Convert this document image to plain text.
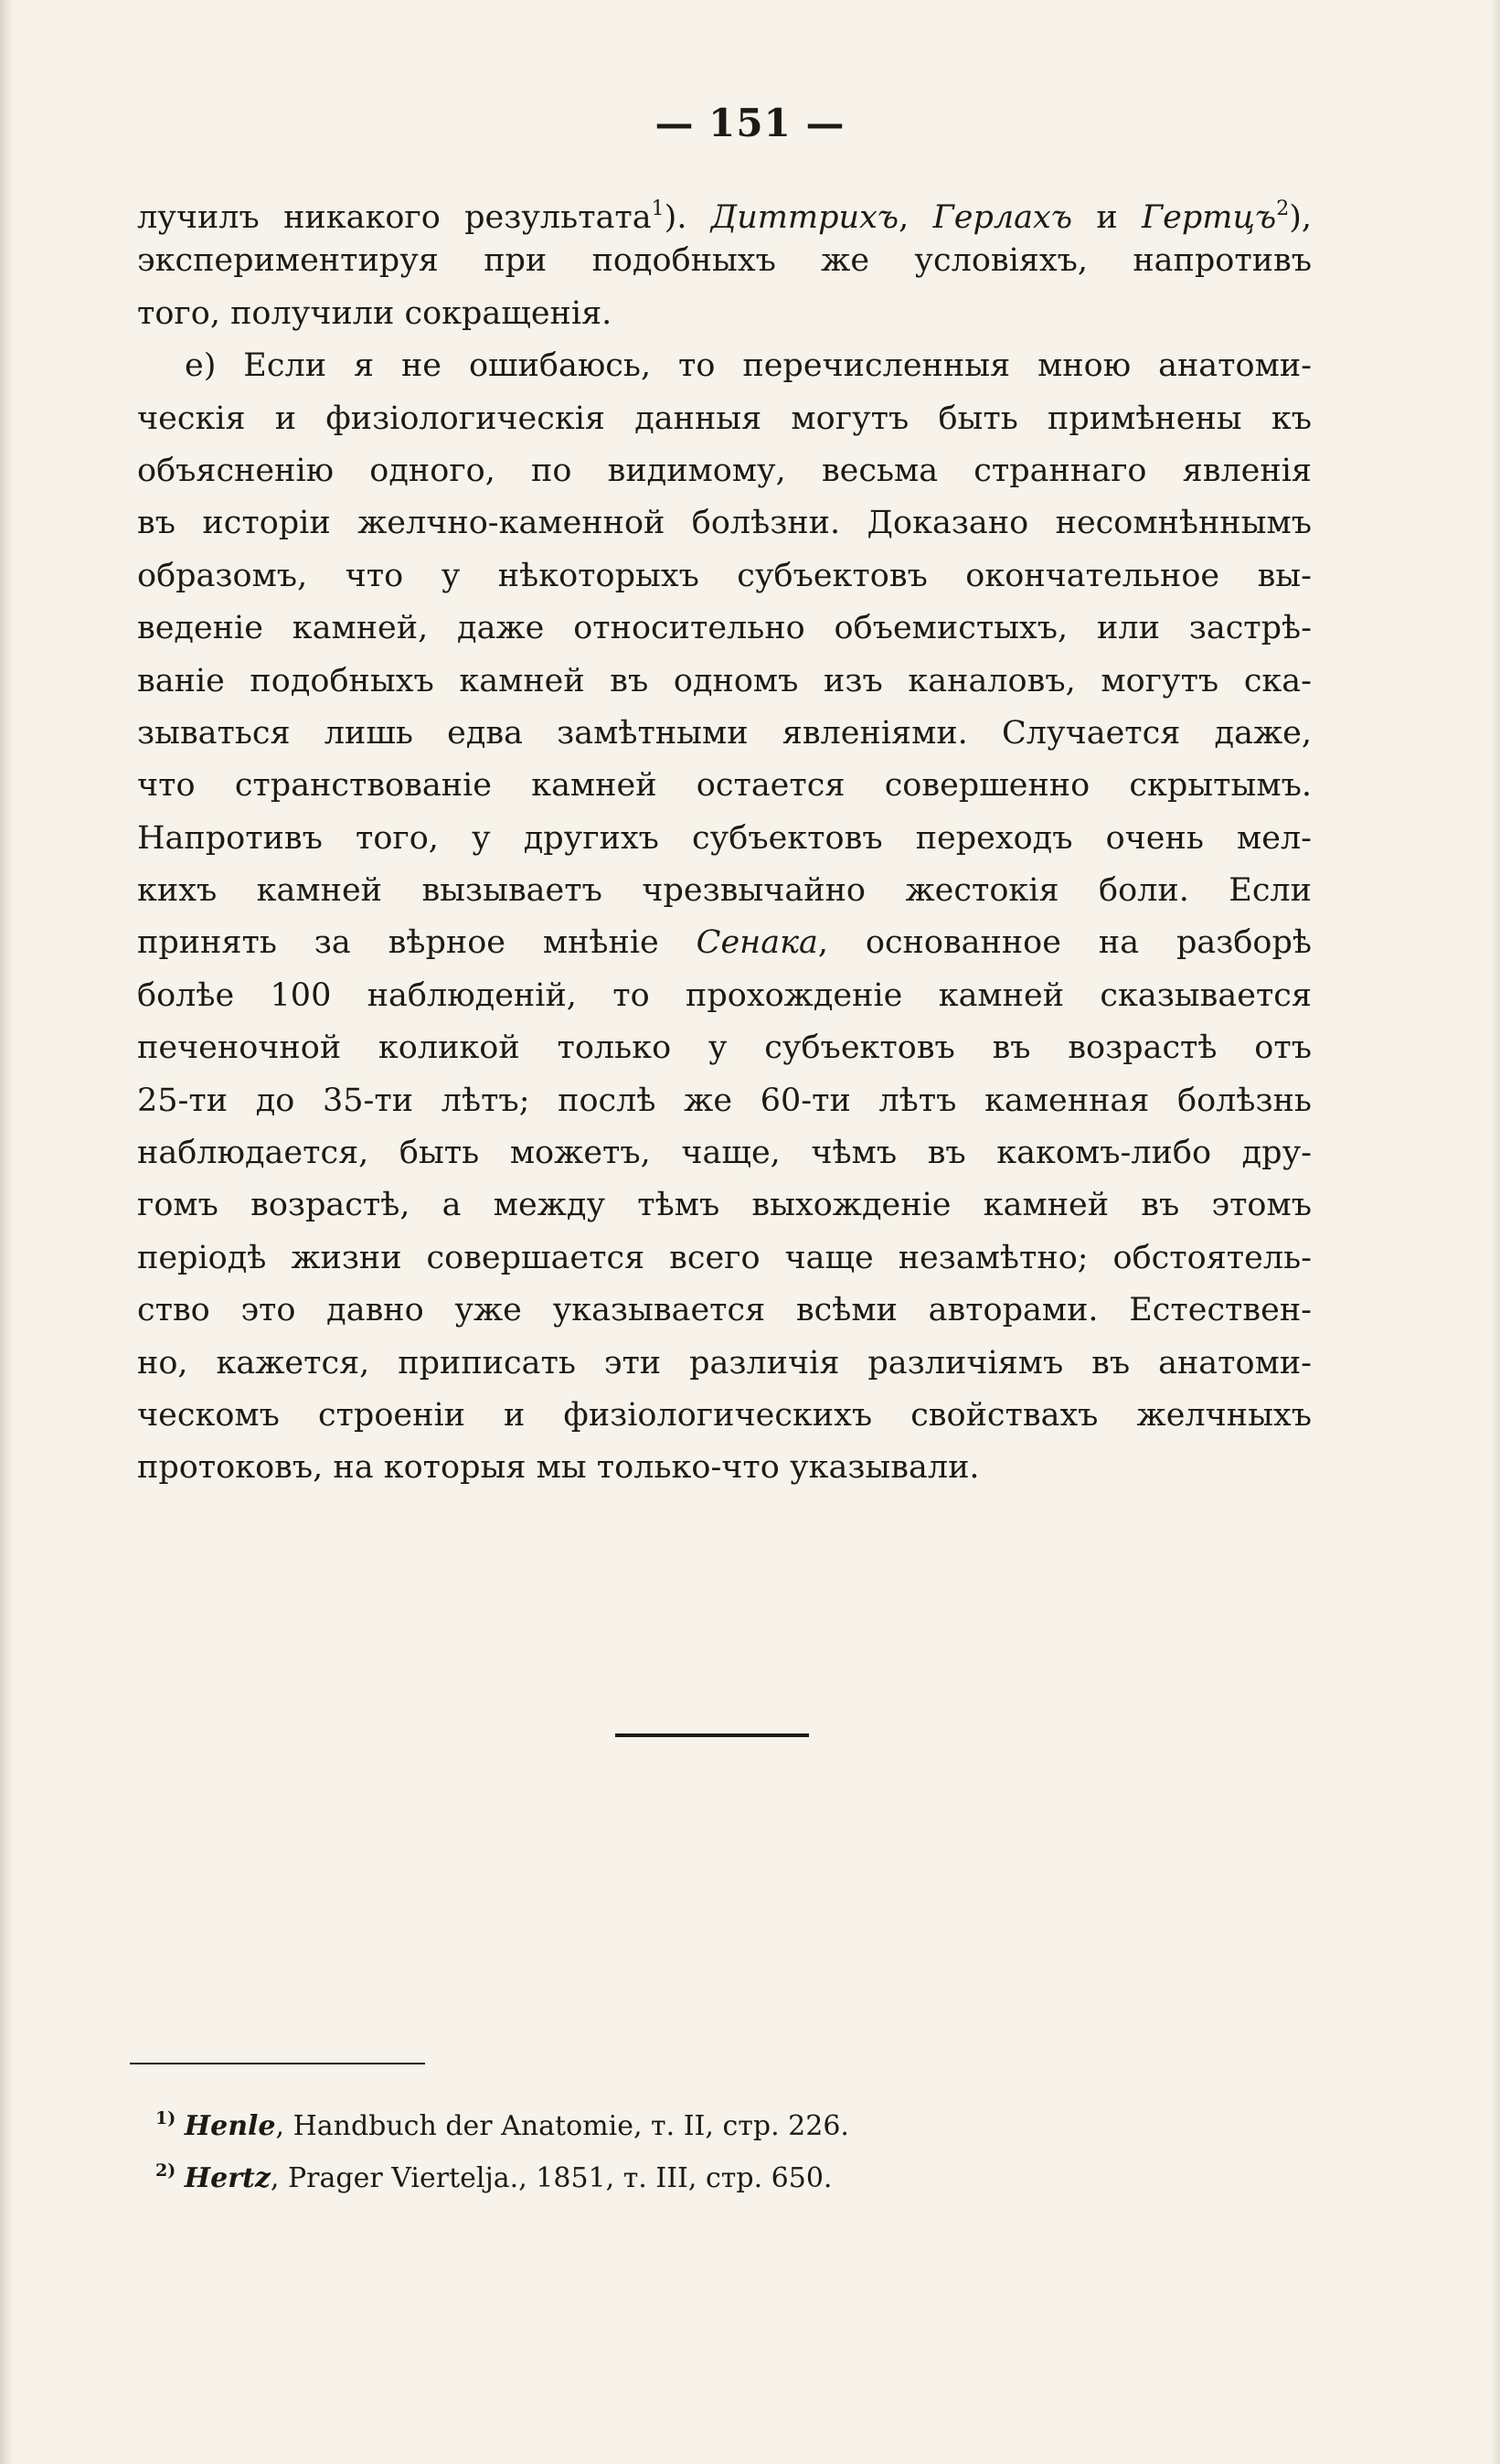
— 151 —
лучилъ никакого результата$^1$). Диттрихъ, Герлахъ и Гертцъ$^2$),
экспериментируя при подобныхъ же условіяхъ, напротивъ
того, получили сокращенія.
е) Если я не ошибаюсь, то перечисленныя мною анатоми-
ческія и физіологическія данныя могутъ быть примѣнены къ
объясненію одного, по видимому, весьма страннаго явленія
въ исторіи желчно-каменной болѣзни. Доказано несомнѣннымъ
образомъ, что у нѣкоторыхъ субъектовъ окончательное вы-
веденіе камней, даже относительно объемистыхъ, или застрѣ-
ваніе подобныхъ камней въ одномъ изъ каналовъ, могутъ ска-
зываться лишь едва замѣтными явленіями. Случается даже,
что странствованіе камней остается совершенно скрытымъ.
Напротивъ того, у другихъ субъектовъ переходъ очень мел-
кихъ камней вызываетъ чрезвычайно жестокія боли. Если
принять за вѣрное мнѣніе Сенака, основанное на разборѣ
болѣе 100 наблюденій, то прохожденіе камней сказывается
печеночной коликой только у субъектовъ въ возрастѣ отъ
25-ти до 35-ти лѣтъ; послѣ же 60-ти лѣтъ каменная болѣзнь
наблюдается, быть можетъ, чаще, чѣмъ въ какомъ-либо дру-
гомъ возрастѣ, а между тѣмъ выхожденіе камней въ этомъ
періодѣ жизни совершается всего чаще незамѣтно; обстоятель-
ство это давно уже указывается всѣми авторами. Естествен-
но, кажется, приписать эти различія различіямъ въ анатоми-
ческомъ строеніи и физіологическихъ свойствахъ желчныхъ
протоковъ, на которыя мы только-что указывали.
$^{1)}$ Henle, Handbuch der Anatomie, т. II, стр. 226.
$^{2)}$ Hertz, Prager Vierteljа., 1851, т. III, стр. 650.
